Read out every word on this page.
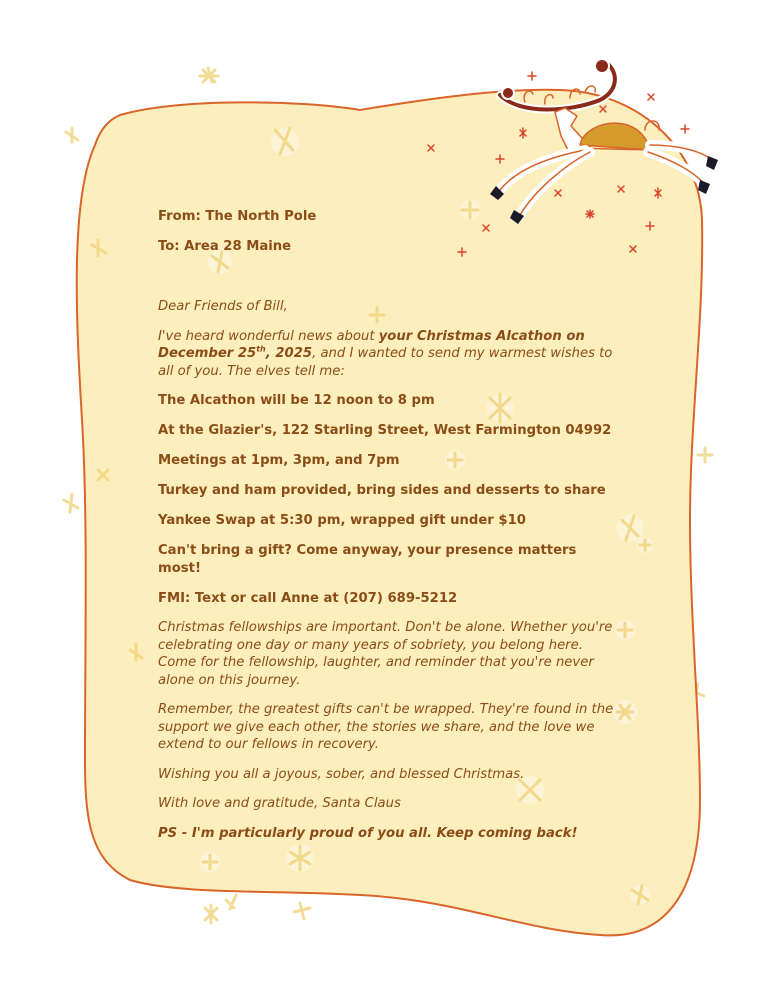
From: The North Pole

To: Area 28 Maine

Dear Friends of Bill,

I've heard wonderful news about your Christmas Alcathon on December 25th, 2025, and I wanted to send my warmest wishes to all of you. The elves tell me:

The Alcathon will be 12 noon to 8 pm

At the Glazier's, 122 Starling Street, West Farmington 04992

Meetings at 1pm, 3pm, and 7pm

Turkey and ham provided, bring sides and desserts to share

Yankee Swap at 5:30 pm, wrapped gift under $10

Can't bring a gift? Come anyway, your presence matters most!

FMI: Text or call Anne at (207) 689-5212

Christmas fellowships are important. Don't be alone. Whether you're celebrating one day or many years of sobriety, you belong here. Come for the fellowship, laughter, and reminder that you're never alone on this journey.

Remember, the greatest gifts can't be wrapped. They're found in the support we give each other, the stories we share, and the love we extend to our fellows in recovery.

Wishing you all a joyous, sober, and blessed Christmas.

With love and gratitude, Santa Claus

PS - I'm particularly proud of you all. Keep coming back!
